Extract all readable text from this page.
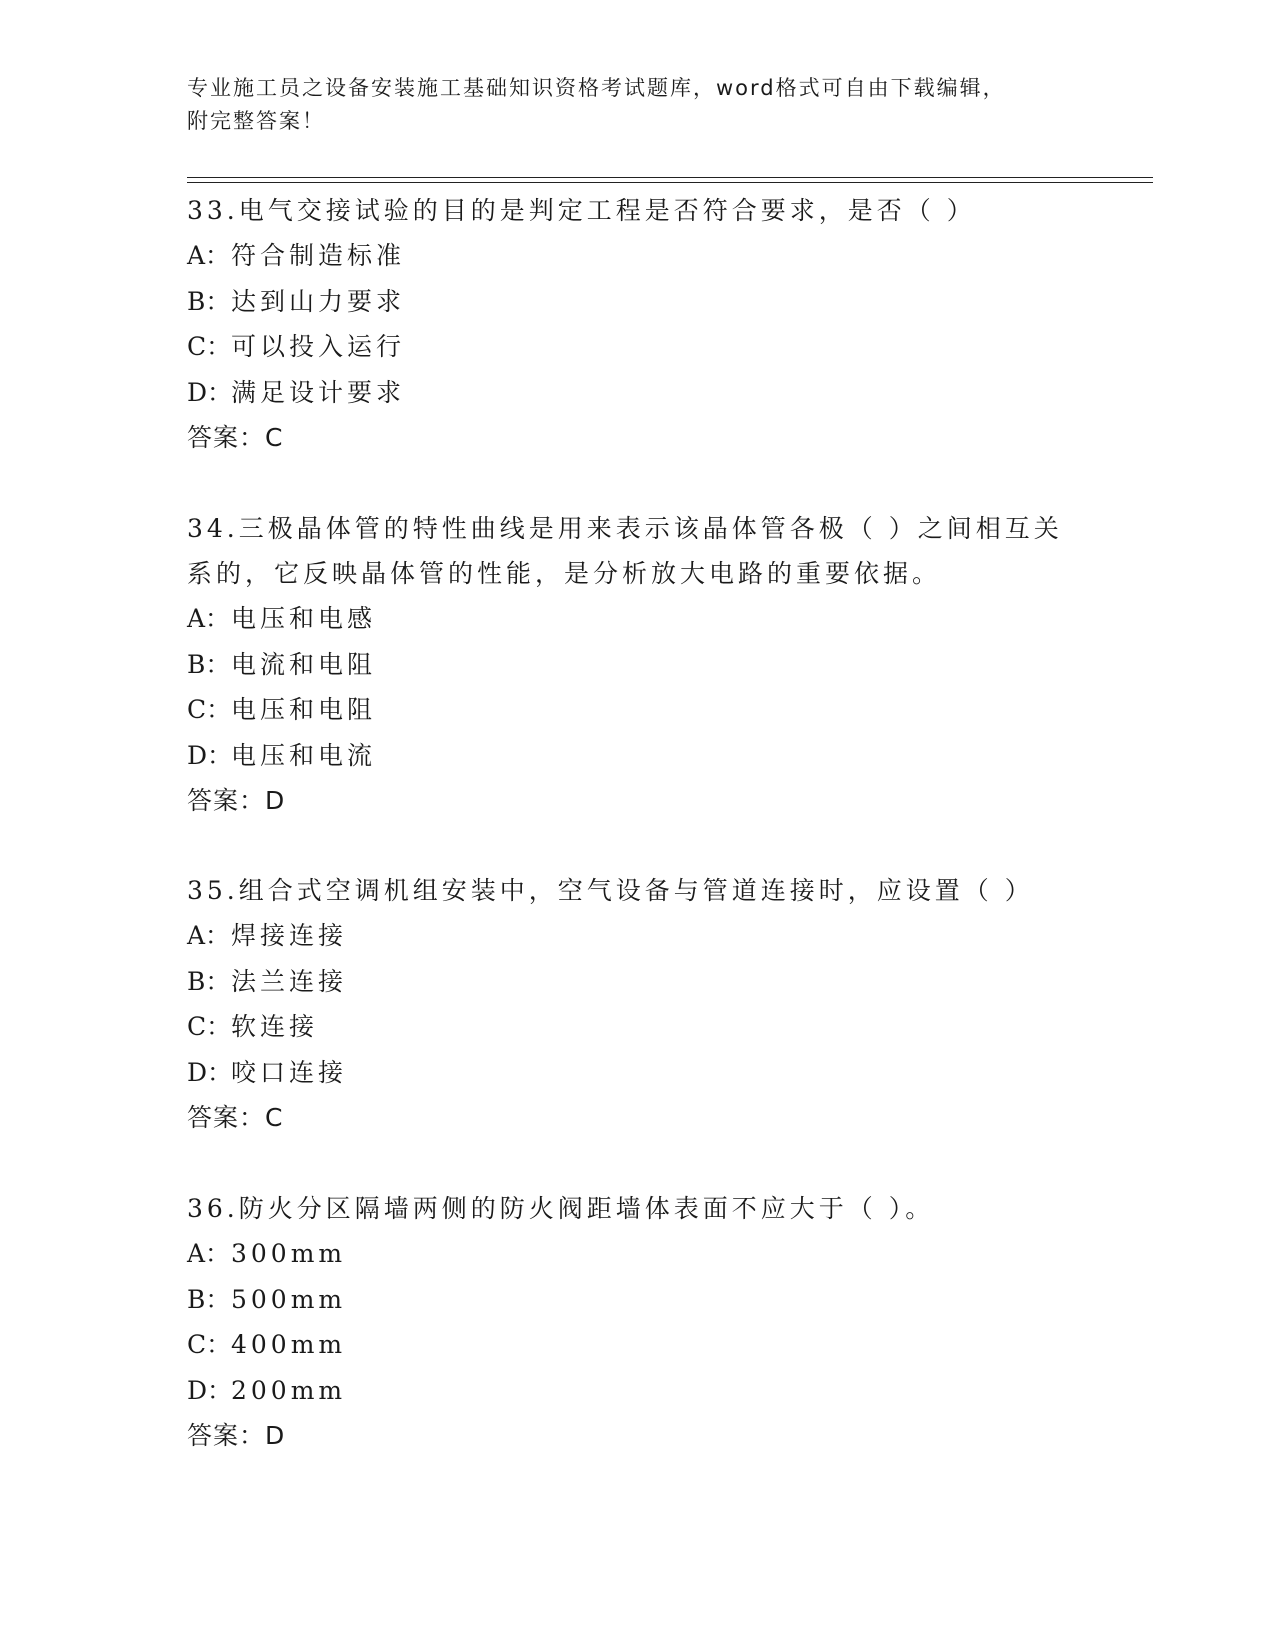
专业施工员之设备安装施工基础知识资格考试题库，word格式可自由下载编辑，
附完整答案！

33.电气交接试验的目的是判定工程是否符合要求，是否（ ）

A：符合制造标准

B：达到山力要求

C：可以投入运行

D：满足设计要求

答案：C

34.三极晶体管的特性曲线是用来表示该晶体管各极（ ）之间相互关系的，它反映晶体管的性能，是分析放大电路的重要依据。

A：电压和电感

B：电流和电阻

C：电压和电阻

D：电压和电流

答案：D

35.组合式空调机组安装中，空气设备与管道连接时，应设置（ ）

A：焊接连接

B：法兰连接

C：软连接

D：咬口连接

答案：C

36.防火分区隔墙两侧的防火阀距墙体表面不应大于（ ）。

A：300mm

B：500mm

C：400mm

D：200mm

答案：D
